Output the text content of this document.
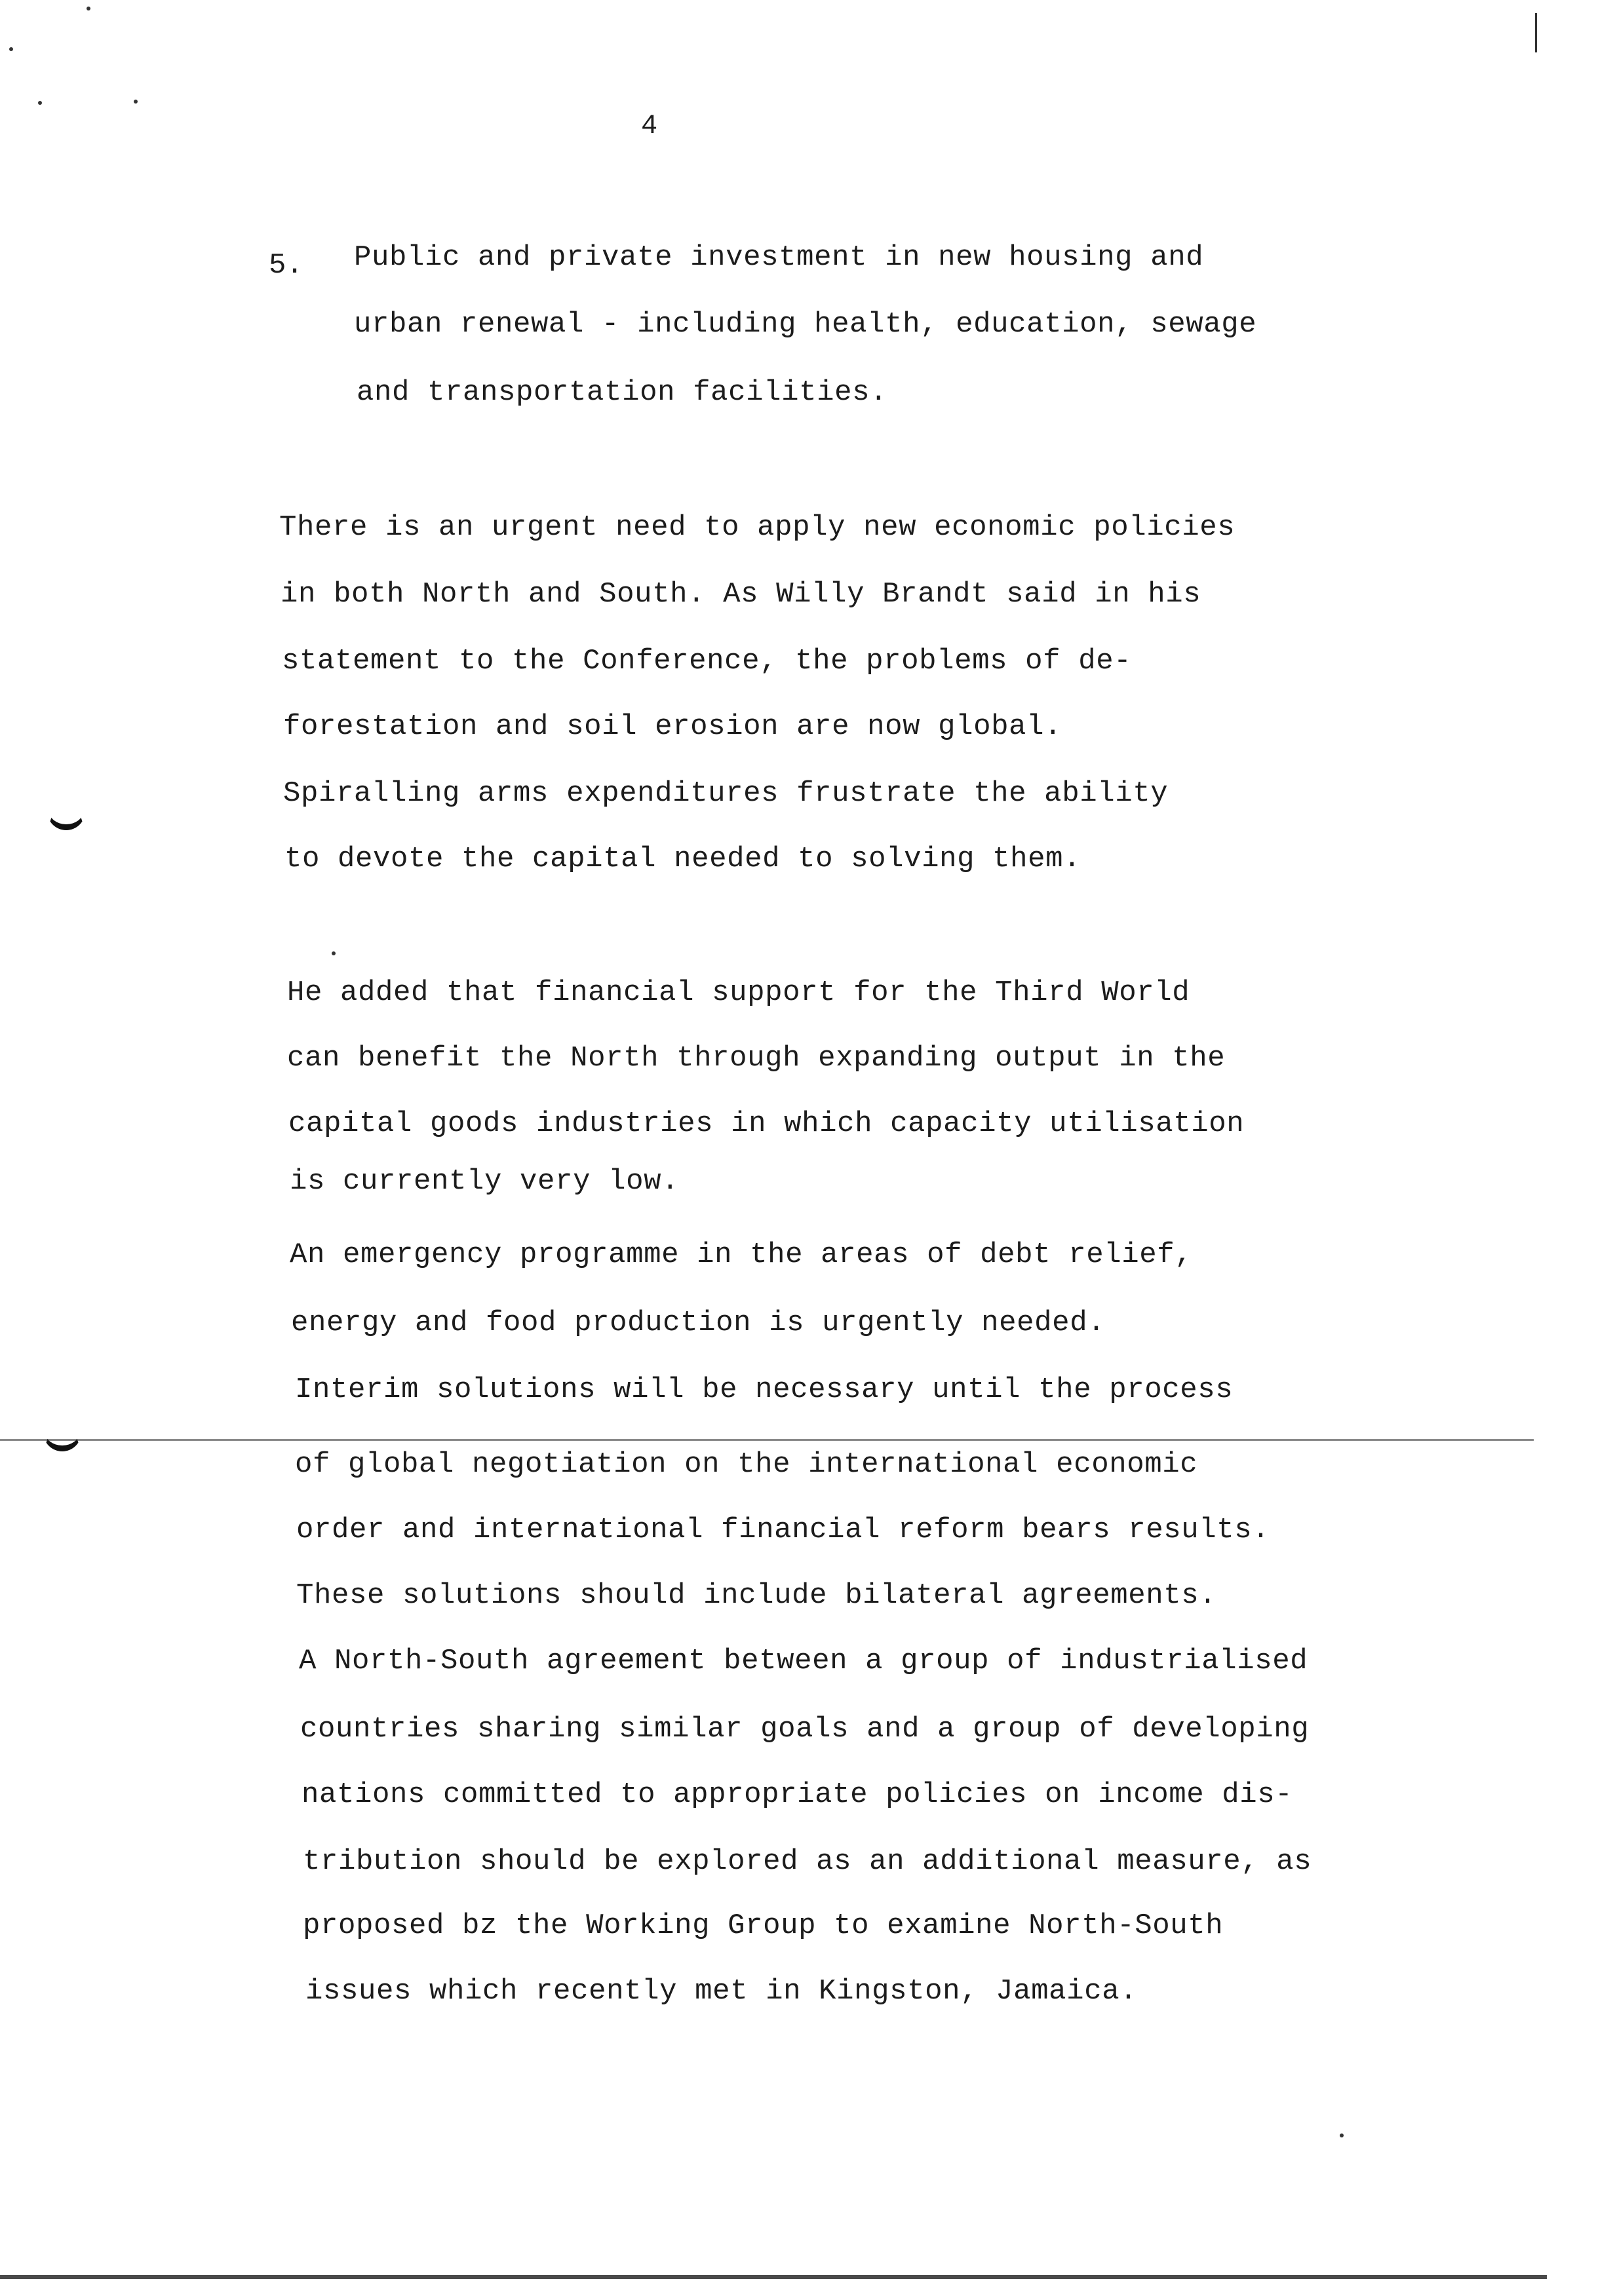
4

5. Public and private investment in new housing and

urban renewal - including health, education, sewage

and transportation facilities.

There is an urgent need to apply new economic policies

in both North and South. As Willy Brandt said in his

statement to the Conference, the problems of de-

forestation and soil erosion are now global.

Spiralling arms expenditures frustrate the ability

to devote the capital needed to solving them.

He added that financial support for the Third World

can benefit the North through expanding output in the

capital goods industries in which capacity utilisation

is currently very low.

An emergency programme in the areas of debt relief,

energy and food production is urgently needed.

Interim solutions will be necessary until the process

of global negotiation on the international economic

order and international financial reform bears results.

These solutions should include bilateral agreements.

A North-South agreement between a group of industrialised

countries sharing similar goals and a group of developing

nations committed to appropriate policies on income dis-

tribution should be explored as an additional measure, as

proposed bz the Working Group to examine North-South

issues which recently met in Kingston, Jamaica.
